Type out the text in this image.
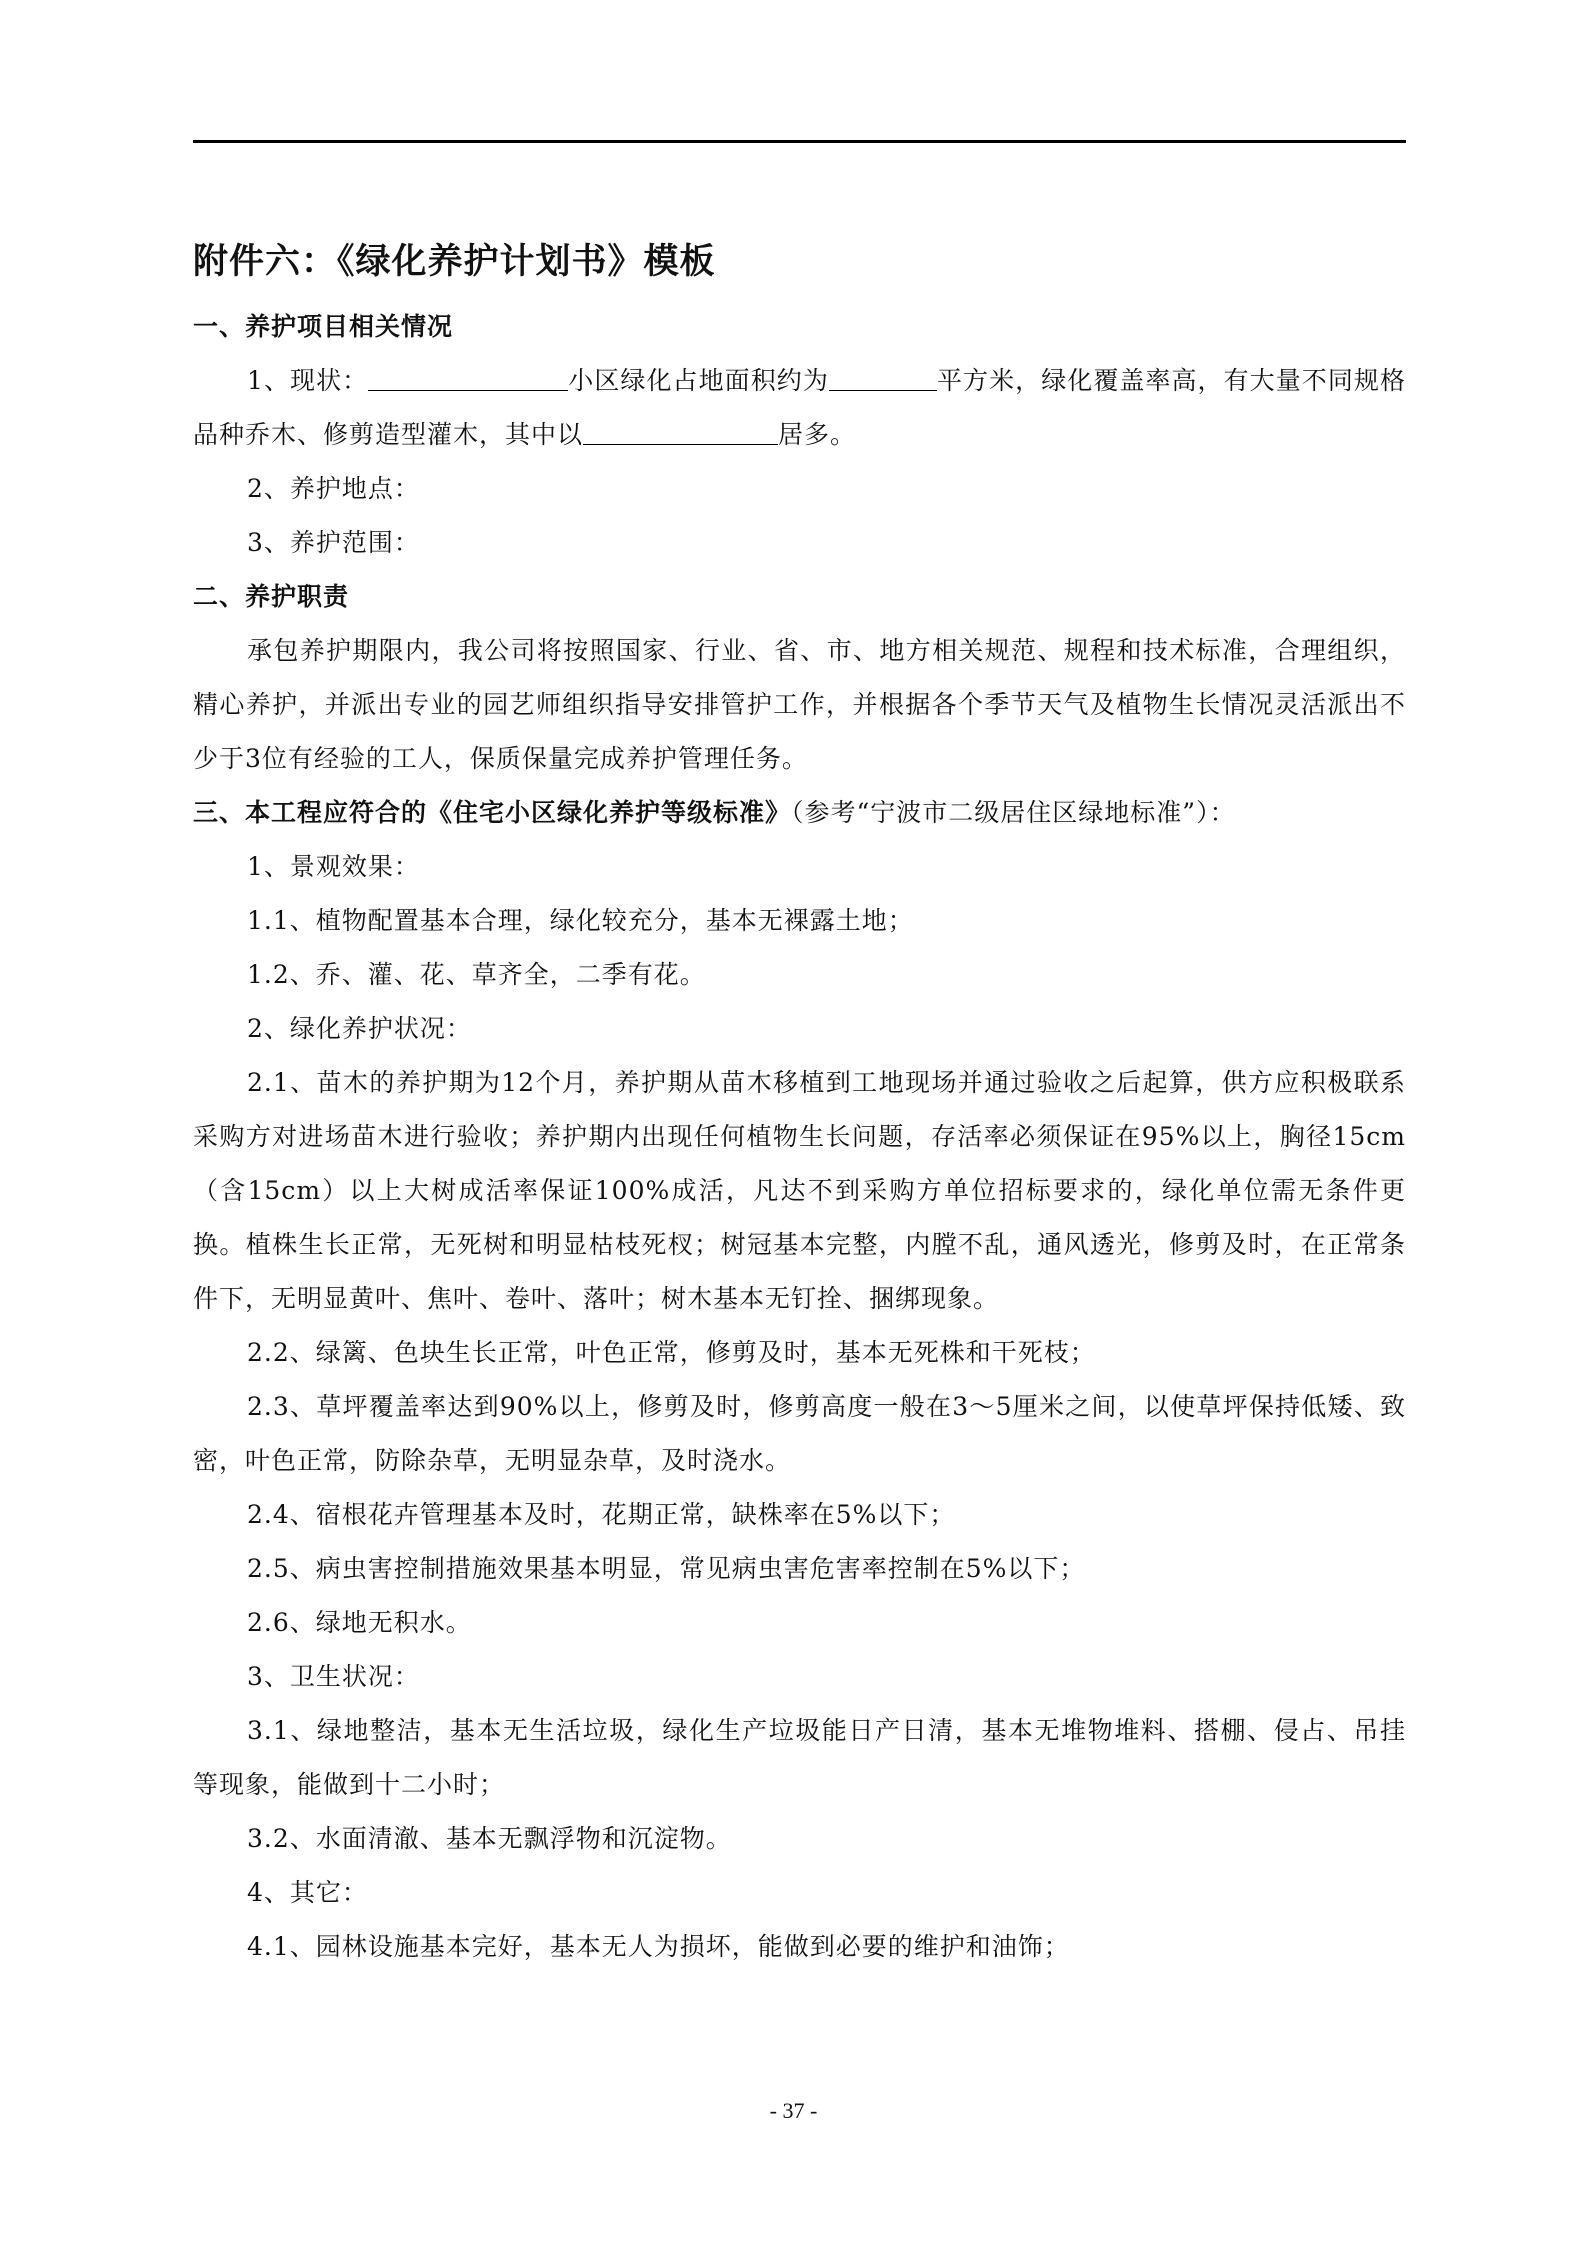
附件六：《绿化养护计划书》模板
一、养护项目相关情况
1、现状：	小区绿化占地面积约为	平方米，绿化覆盖率高，有大量不同规格品种乔木、修剪造型灌木，其中以	居多。
2、养护地点：
3、养护范围：
二、养护职责
承包养护期限内，我公司将按照国家、行业、省、市、地方相关规范、规程和技术标准，合理组织，精心养护，并派出专业的园艺师组织指导安排管护工作，并根据各个季节天气及植物生长情况灵活派出不少于3位有经验的工人，保质保量完成养护管理任务。
三、本工程应符合的《住宅小区绿化养护等级标准》（参考“宁波市二级居住区绿地标准”）：
1、景观效果：
1.1、植物配置基本合理，绿化较充分，基本无裸露土地；
1.2、乔、灌、花、草齐全，二季有花。
2、绿化养护状况：
2.1、苗木的养护期为12个月，养护期从苗木移植到工地现场并通过验收之后起算，供方应积极联系采购方对进场苗木进行验收；养护期内出现任何植物生长问题，存活率必须保证在95%以上，胸径15cm（含15cm）以上大树成活率保证100%成活，凡达不到采购方单位招标要求的，绿化单位需无条件更换。植株生长正常，无死树和明显枯枝死杈；树冠基本完整，内膛不乱，通风透光，修剪及时，在正常条件下，无明显黄叶、焦叶、卷叶、落叶；树木基本无钉拴、捆绑现象。
2.2、绿篱、色块生长正常，叶色正常，修剪及时，基本无死株和干死枝；
2.3、草坪覆盖率达到90%以上，修剪及时，修剪高度一般在3～5厘米之间，以使草坪保持低矮、致密，叶色正常，防除杂草，无明显杂草，及时浇水。
2.4、宿根花卉管理基本及时，花期正常，缺株率在5%以下；
2.5、病虫害控制措施效果基本明显，常见病虫害危害率控制在5%以下；
2.6、绿地无积水。
3、卫生状况：
3.1、绿地整洁，基本无生活垃圾，绿化生产垃圾能日产日清，基本无堆物堆料、搭棚、侵占、吊挂等现象，能做到十二小时；
3.2、水面清澈、基本无飘浮物和沉淀物。
4、其它：
4.1、园林设施基本完好，基本无人为损坏，能做到必要的维护和油饰；
- 37 -
